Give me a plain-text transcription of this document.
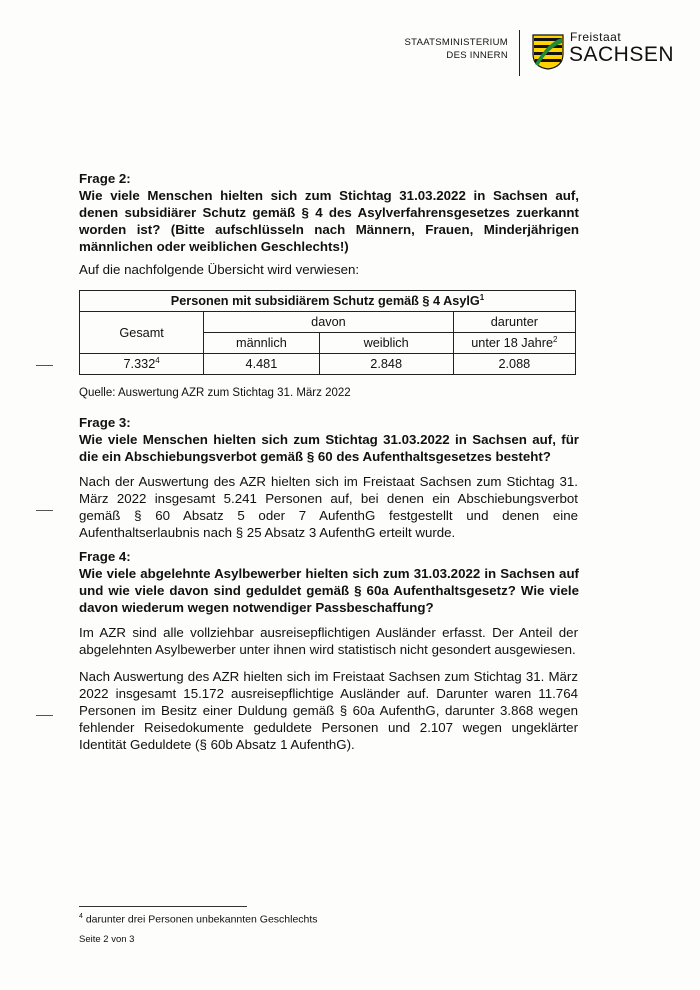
STAATSMINISTERIUM
DES INNERN
Freistaat
SACHSEN
Frage 2:
Wie viele Menschen hielten sich zum Stichtag 31.03.2022 in Sachsen auf, denen subsidiärer Schutz gemäß § 4 des Asylverfahrensgesetzes zuerkannt worden ist? (Bitte aufschlüsseln nach Männern, Frauen, Minderjährigen männlichen oder weiblichen Geschlechts!)
Auf die nachfolgende Übersicht wird verwiesen:
Personen mit subsidiärem Schutz gemäß § 4 AsylG$^1$
Gesamt	davon		darunter
	männlich	weiblich	unter 18 Jahre$^2$
7.332$^4$	4.481	2.848	2.088
Quelle: Auswertung AZR zum Stichtag 31. März 2022
Frage 3:
Wie viele Menschen hielten sich zum Stichtag 31.03.2022 in Sachsen auf, für die ein Abschiebungsverbot gemäß § 60 des Aufenthaltsgesetzes besteht?
Nach der Auswertung des AZR hielten sich im Freistaat Sachsen zum Stichtag 31. März 2022 insgesamt 5.241 Personen auf, bei denen ein Abschiebungsverbot gemäß § 60 Absatz 5 oder 7 AufenthG festgestellt und denen eine Aufenthaltserlaubnis nach § 25 Absatz 3 AufenthG erteilt wurde.
Frage 4:
Wie viele abgelehnte Asylbewerber hielten sich zum 31.03.2022 in Sachsen auf und wie viele davon sind geduldet gemäß § 60a Aufenthaltsgesetz? Wie viele davon wiederum wegen notwendiger Passbeschaffung?
Im AZR sind alle vollziehbar ausreisepflichtigen Ausländer erfasst. Der Anteil der abgelehnten Asylbewerber unter ihnen wird statistisch nicht gesondert ausgewiesen.
Nach Auswertung des AZR hielten sich im Freistaat Sachsen zum Stichtag 31. März 2022 insgesamt 15.172 ausreisepflichtige Ausländer auf. Darunter waren 11.764 Personen im Besitz einer Duldung gemäß § 60a AufenthG, darunter 3.868 wegen fehlender Reisedokumente geduldete Personen und 2.107 wegen ungeklärter Identität Geduldete (§ 60b Absatz 1 AufenthG).
$^4$ darunter drei Personen unbekannten Geschlechts
Seite 2 von 3
